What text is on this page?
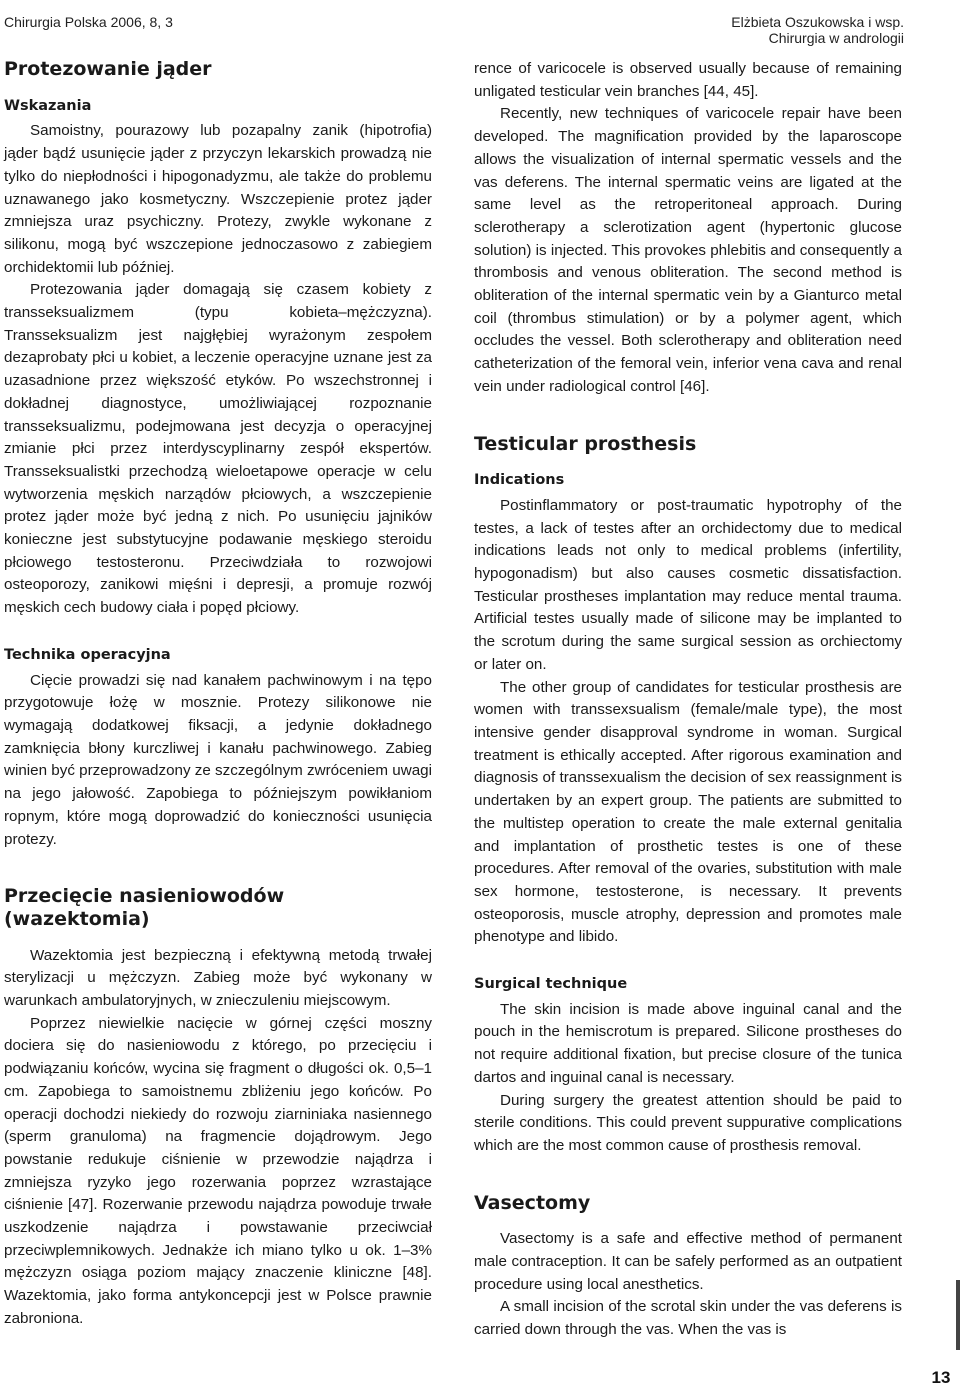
Chirurgia Polska 2006, 8, 3	Elżbieta Oszukowska i wsp.
Chirurgia w andrologii
Protezowanie jąder
Wskazania

Samoistny, pourazowy lub pozapalny zanik (hipotrofia) jąder bądź usunięcie jąder z przyczyn lekarskich prowadzą nie tylko do niepłodności i hipogonadyzmu, ale także do problemu uznawanego jako kosmetyczny. Wszczepienie protez jąder zmniejsza uraz psychiczny. Protezy, zwykle wykonane z silikonu, mogą być wszczepione jednoczasowo z zabiegiem orchidektomii lub później.

Protezowania jąder domagają się czasem kobiety z transseksualizmem (typu kobieta–mężczyzna). Transseksualizm jest najgłębiej wyrażonym zespołem dezaprobaty płci u kobiet, a leczenie operacyjne uznane jest za uzasadnione przez większość etyków. Po wszechstronnej i dokładnej diagnostyce, umożliwiającej rozpoznanie transseksualizmu, podejmowana jest decyzja o operacyjnej zmianie płci przez interdyscyplinarny zespół ekspertów. Transseksualistki przechodzą wieloetapowe operacje w celu wytworzenia męskich narządów płciowych, a wszczepienie protez jąder może być jedną z nich. Po usunięciu jajników konieczne jest substytucyjne podawanie męskiego steroidu płciowego testosteronu. Przeciwdziała to rozwojowi osteoporozy, zanikowi mięśni i depresji, a promuje rozwój męskich cech budowy ciała i popęd płciowy.

Technika operacyjna

Cięcie prowadzi się nad kanałem pachwinowym i na tępo przygotowuje łożę w mosznie. Protezy silikonowe nie wymagają dodatkowej fiksacji, a jedynie dokładnego zamknięcia błony kurczliwej i kanału pachwinowego. Zabieg winien być przeprowadzony ze szczególnym zwróceniem uwagi na jego jałowość. Zapobiega to późniejszym powikłaniom ropnym, które mogą doprowadzić do konieczności usunięcia protezy.

Przecięcie nasieniowodów (wazektomia)

Wazektomia jest bezpieczną i efektywną metodą trwałej sterylizacji u mężczyzn. Zabieg może być wykonany w warunkach ambulatoryjnych, w znieczuleniu miejscowym.

Poprzez niewielkie nacięcie w górnej części moszny dociera się do nasieniowodu z którego, po przecięciu i podwiązaniu końców, wycina się fragment o długości ok. 0,5–1 cm. Zapobiega to samoistnemu zbliżeniu jego końców. Po operacji dochodzi niekiedy do rozwoju ziarniniaka nasiennego (sperm granuloma) na fragmencie dojądrowym. Jego powstanie redukuje ciśnienie w przewodzie najądrza i zmniejsza ryzyko jego rozerwania poprzez wzrastające ciśnienie [47]. Rozerwanie przewodu najądrza powoduje trwałe uszkodzenie najądrza i powstawanie przeciwciał przeciwplemnikowych. Jednakże ich miano tylko u ok. 1–3% mężczyzn osiąga poziom mający znaczenie kliniczne [48]. Wazektomia, jako forma antykoncepcji jest w Polsce prawnie zabroniona.

rence of varicocele is observed usually because of remaining unligated testicular vein branches [44, 45].

Recently, new techniques of varicocele repair have been developed. The magnification provided by the laparoscope allows the visualization of internal spermatic vessels and the vas deferens. The internal spermatic veins are ligated at the same level as the retroperitoneal approach. During sclerotherapy a sclerotization agent (hypertonic glucose solution) is injected. This provokes phlebitis and consequently a thrombosis and venous obliteration. The second method is obliteration of the internal spermatic vein by a Gianturco metal coil (thrombus stimulation) or by a polymer agent, which occludes the vessel. Both sclerotherapy and obliteration need catheterization of the femoral vein, inferior vena cava and renal vein under radiological control [46].

Testicular prosthesis
Indications

Postinflammatory or post-traumatic hypotrophy of the testes, a lack of testes after an orchidectomy due to medical indications leads not only to medical problems (infertility, hypogonadism) but also causes cosmetic dissatisfaction. Testicular prostheses implantation may reduce mental trauma. Artificial testes usually made of silicone may be implanted to the scrotum during the same surgical session as orchiectomy or later on.

The other group of candidates for testicular prosthesis are women with transsexsualism (female/male type), the most intensive gender disapproval syndrome in woman. Surgical treatment is ethically accepted. After rigorous examination and diagnosis of transsexualism the decision of sex reassignment is undertaken by an expert group. The patients are submitted to the multistep operation to create the male external genitalia and implantation of prosthetic testes is one of these procedures. After removal of the ovaries, substitution with male sex hormone, testosterone, is necessary. It prevents osteoporosis, muscle atrophy, depression and promotes male phenotype and libido.

Surgical technique

The skin incision is made above inguinal canal and the pouch in the hemiscrotum is prepared. Silicone prostheses do not require additional fixation, but precise closure of the tunica dartos and inguinal canal is necessary.

During surgery the greatest attention should be paid to sterile conditions. This could prevent suppurative complications which are the most common cause of prosthesis removal.

Vasectomy

Vasectomy is a safe and effective method of permanent male contraception. It can be safely performed as an outpatient procedure using local anesthetics.

A small incision of the scrotal skin under the vas deferens is carried down through the vas. When the vas is

13
